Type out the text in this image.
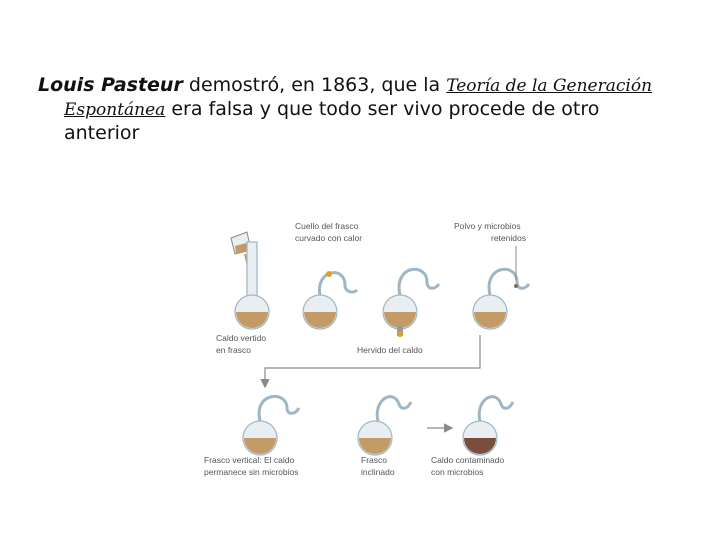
Louis Pasteur demostró, en 1863, que la Teoría de la Generación
Espontánea era falsa y que todo ser vivo procede de otro
anterior
Cuello del frasco
curvado con calor
Polvo y microbios
retenidos
Caldo vertido
en frasco	Hervido del caldo
Frasco vertical: El caldo
permanece sin microbios
Frasco
inclinado
Caldo contaminado
con microbios
